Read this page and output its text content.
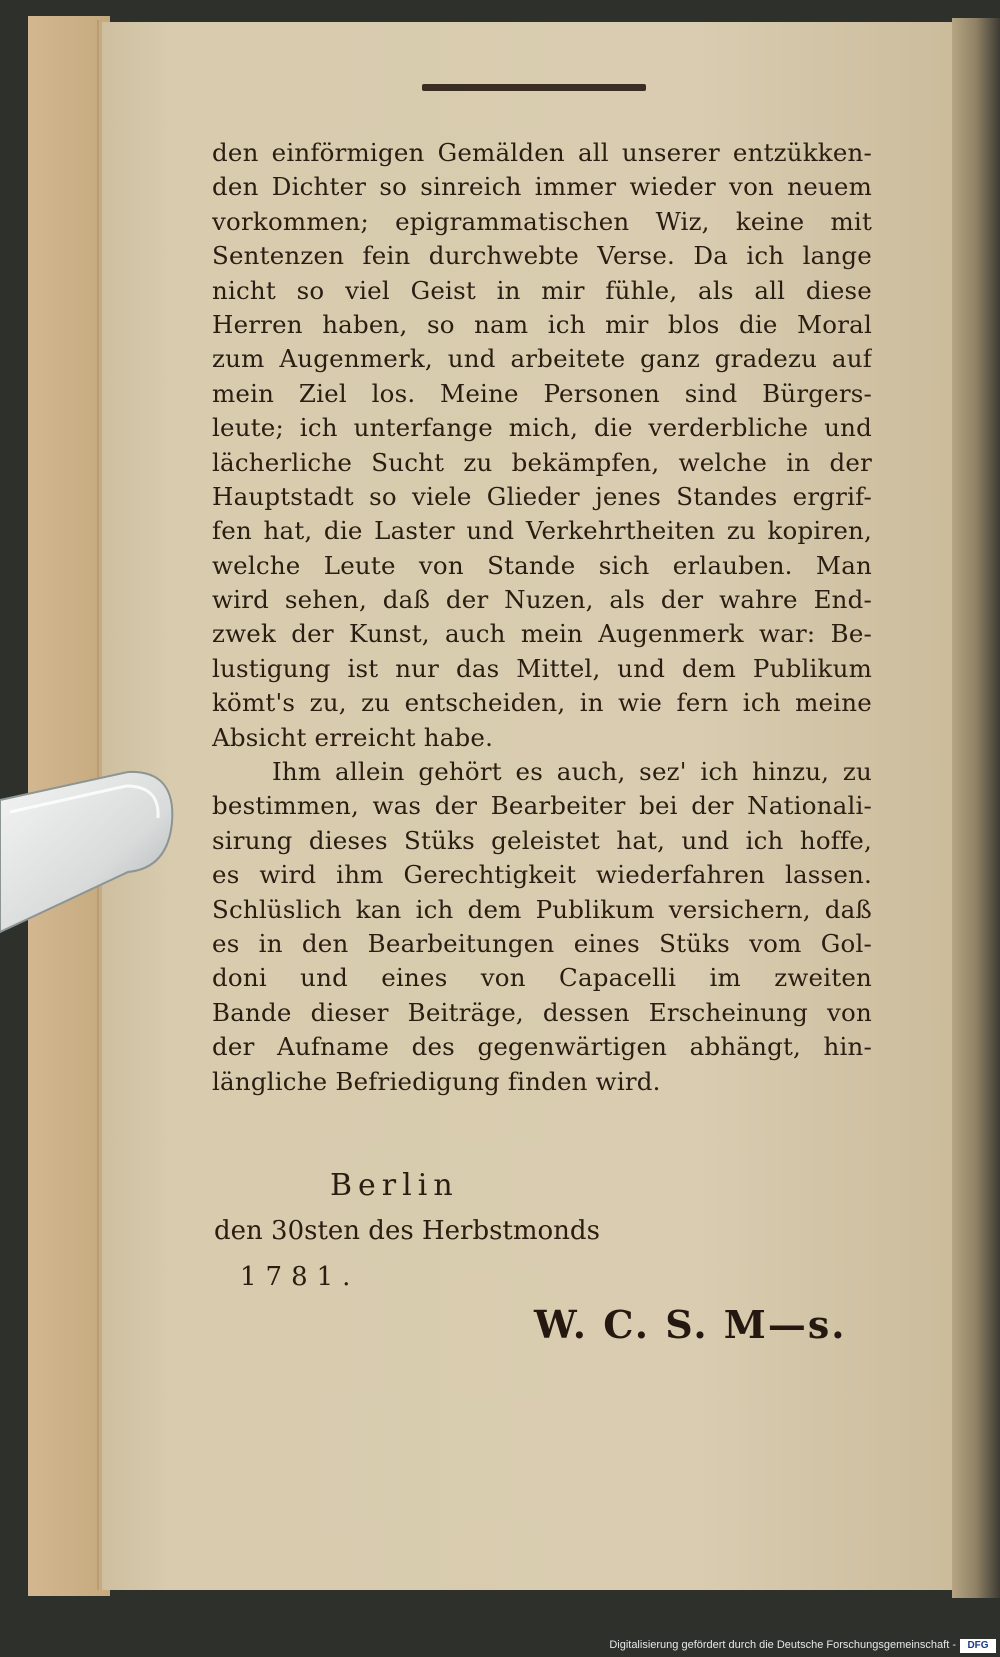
den einförmigen Gemälden all unserer entzükken-
den Dichter so sinreich immer wieder von neuem
vorkommen; epigrammatischen Wiz, keine mit
Sentenzen fein durchwebte Verse. Da ich lange
nicht so viel Geist in mir fühle, als all diese
Herren haben, so nam ich mir blos die Moral
zum Augenmerk, und arbeitete ganz gradezu auf
mein Ziel los. Meine Personen sind Bürgers-
leute; ich unterfange mich, die verderbliche und
lächerliche Sucht zu bekämpfen, welche in der
Hauptstadt so viele Glieder jenes Standes ergrif-
fen hat, die Laster und Verkehrtheiten zu kopiren,
welche Leute von Stande sich erlauben. Man
wird sehen, daß der Nuzen, als der wahre End-
zwek der Kunst, auch mein Augenmerk war: Be-
lustigung ist nur das Mittel, und dem Publikum
kömt's zu, zu entscheiden, in wie fern ich meine
Absicht erreicht habe.
Ihm allein gehört es auch, sez' ich hinzu, zu
bestimmen, was der Bearbeiter bei der Nationali-
sirung dieses Stüks geleistet hat, und ich hoffe,
es wird ihm Gerechtigkeit wiederfahren lassen.
Schlüslich kan ich dem Publikum versichern, daß
es in den Bearbeitungen eines Stüks vom Gol-
doni und eines von Capacelli im zweiten
Bande dieser Beiträge, dessen Erscheinung von
der Aufname des gegenwärtigen abhängt, hin-
längliche Befriedigung finden wird.
Berlin
den 30sten des Herbstmonds
1781.
W. C. S. M—s.
Digitalisierung gefördert durch die Deutsche Forschungsgemeinschaft -	DFG
